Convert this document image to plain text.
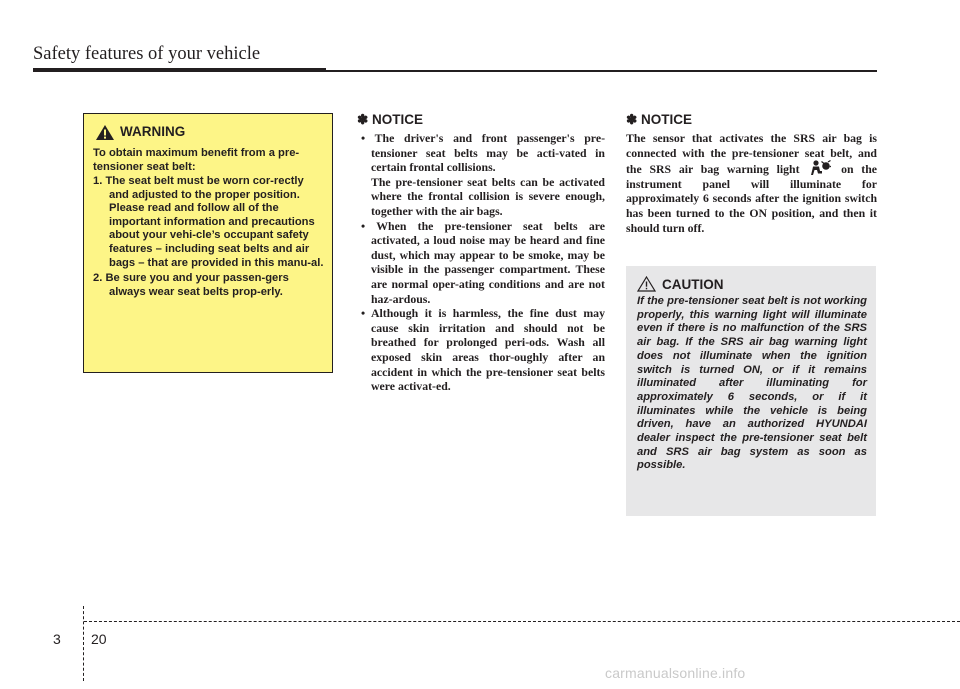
Safety features of your vehicle
WARNING
To obtain maximum benefit from a pre-tensioner seat belt:
1. The seat belt must be worn cor-rectly and adjusted to the proper position. Please read and follow all of the important information and precautions about your vehi-cle’s occupant safety features – including seat belts and air bags – that are provided in this manu-al.
2. Be sure you and your passen-gers always wear seat belts prop-erly.
✽ NOTICE
• The driver's and front passenger's pre-tensioner seat belts may be acti-vated in certain frontal collisions.
The pre-tensioner seat belts can be activated where the frontal collision is severe enough, together with the air bags.
• When the pre-tensioner seat belts are activated, a loud noise may be heard and fine dust, which may appear to be smoke, may be visible in the passenger compartment. These are normal oper-ating conditions and are not haz-ardous.
• Although it is harmless, the fine dust may cause skin irritation and should not be breathed for prolonged peri-ods. Wash all exposed skin areas thor-oughly after an accident in which the pre-tensioner seat belts were activat-ed.
✽ NOTICE

The sensor that activates the SRS air bag is connected with the pre-tensioner seat belt, and the SRS air bag warning light	on the instrument panel will illuminate for approximately 6 seconds after the ignition switch has been turned to the ON position, and then it should turn off.

CAUTION
If the pre-tensioner seat belt is not working properly, this warning light will illuminate even if there is no malfunction of the SRS air bag. If the SRS air bag warning light does not illuminate when the ignition switch is turned ON, or if it remains illuminated after illuminating for approximately 6 seconds, or if it illuminates while the vehicle is being driven, have an authorized HYUNDAI dealer inspect the pre-tensioner seat belt and SRS air bag system as soon as possible.
3 20
carmanualsonline.info
